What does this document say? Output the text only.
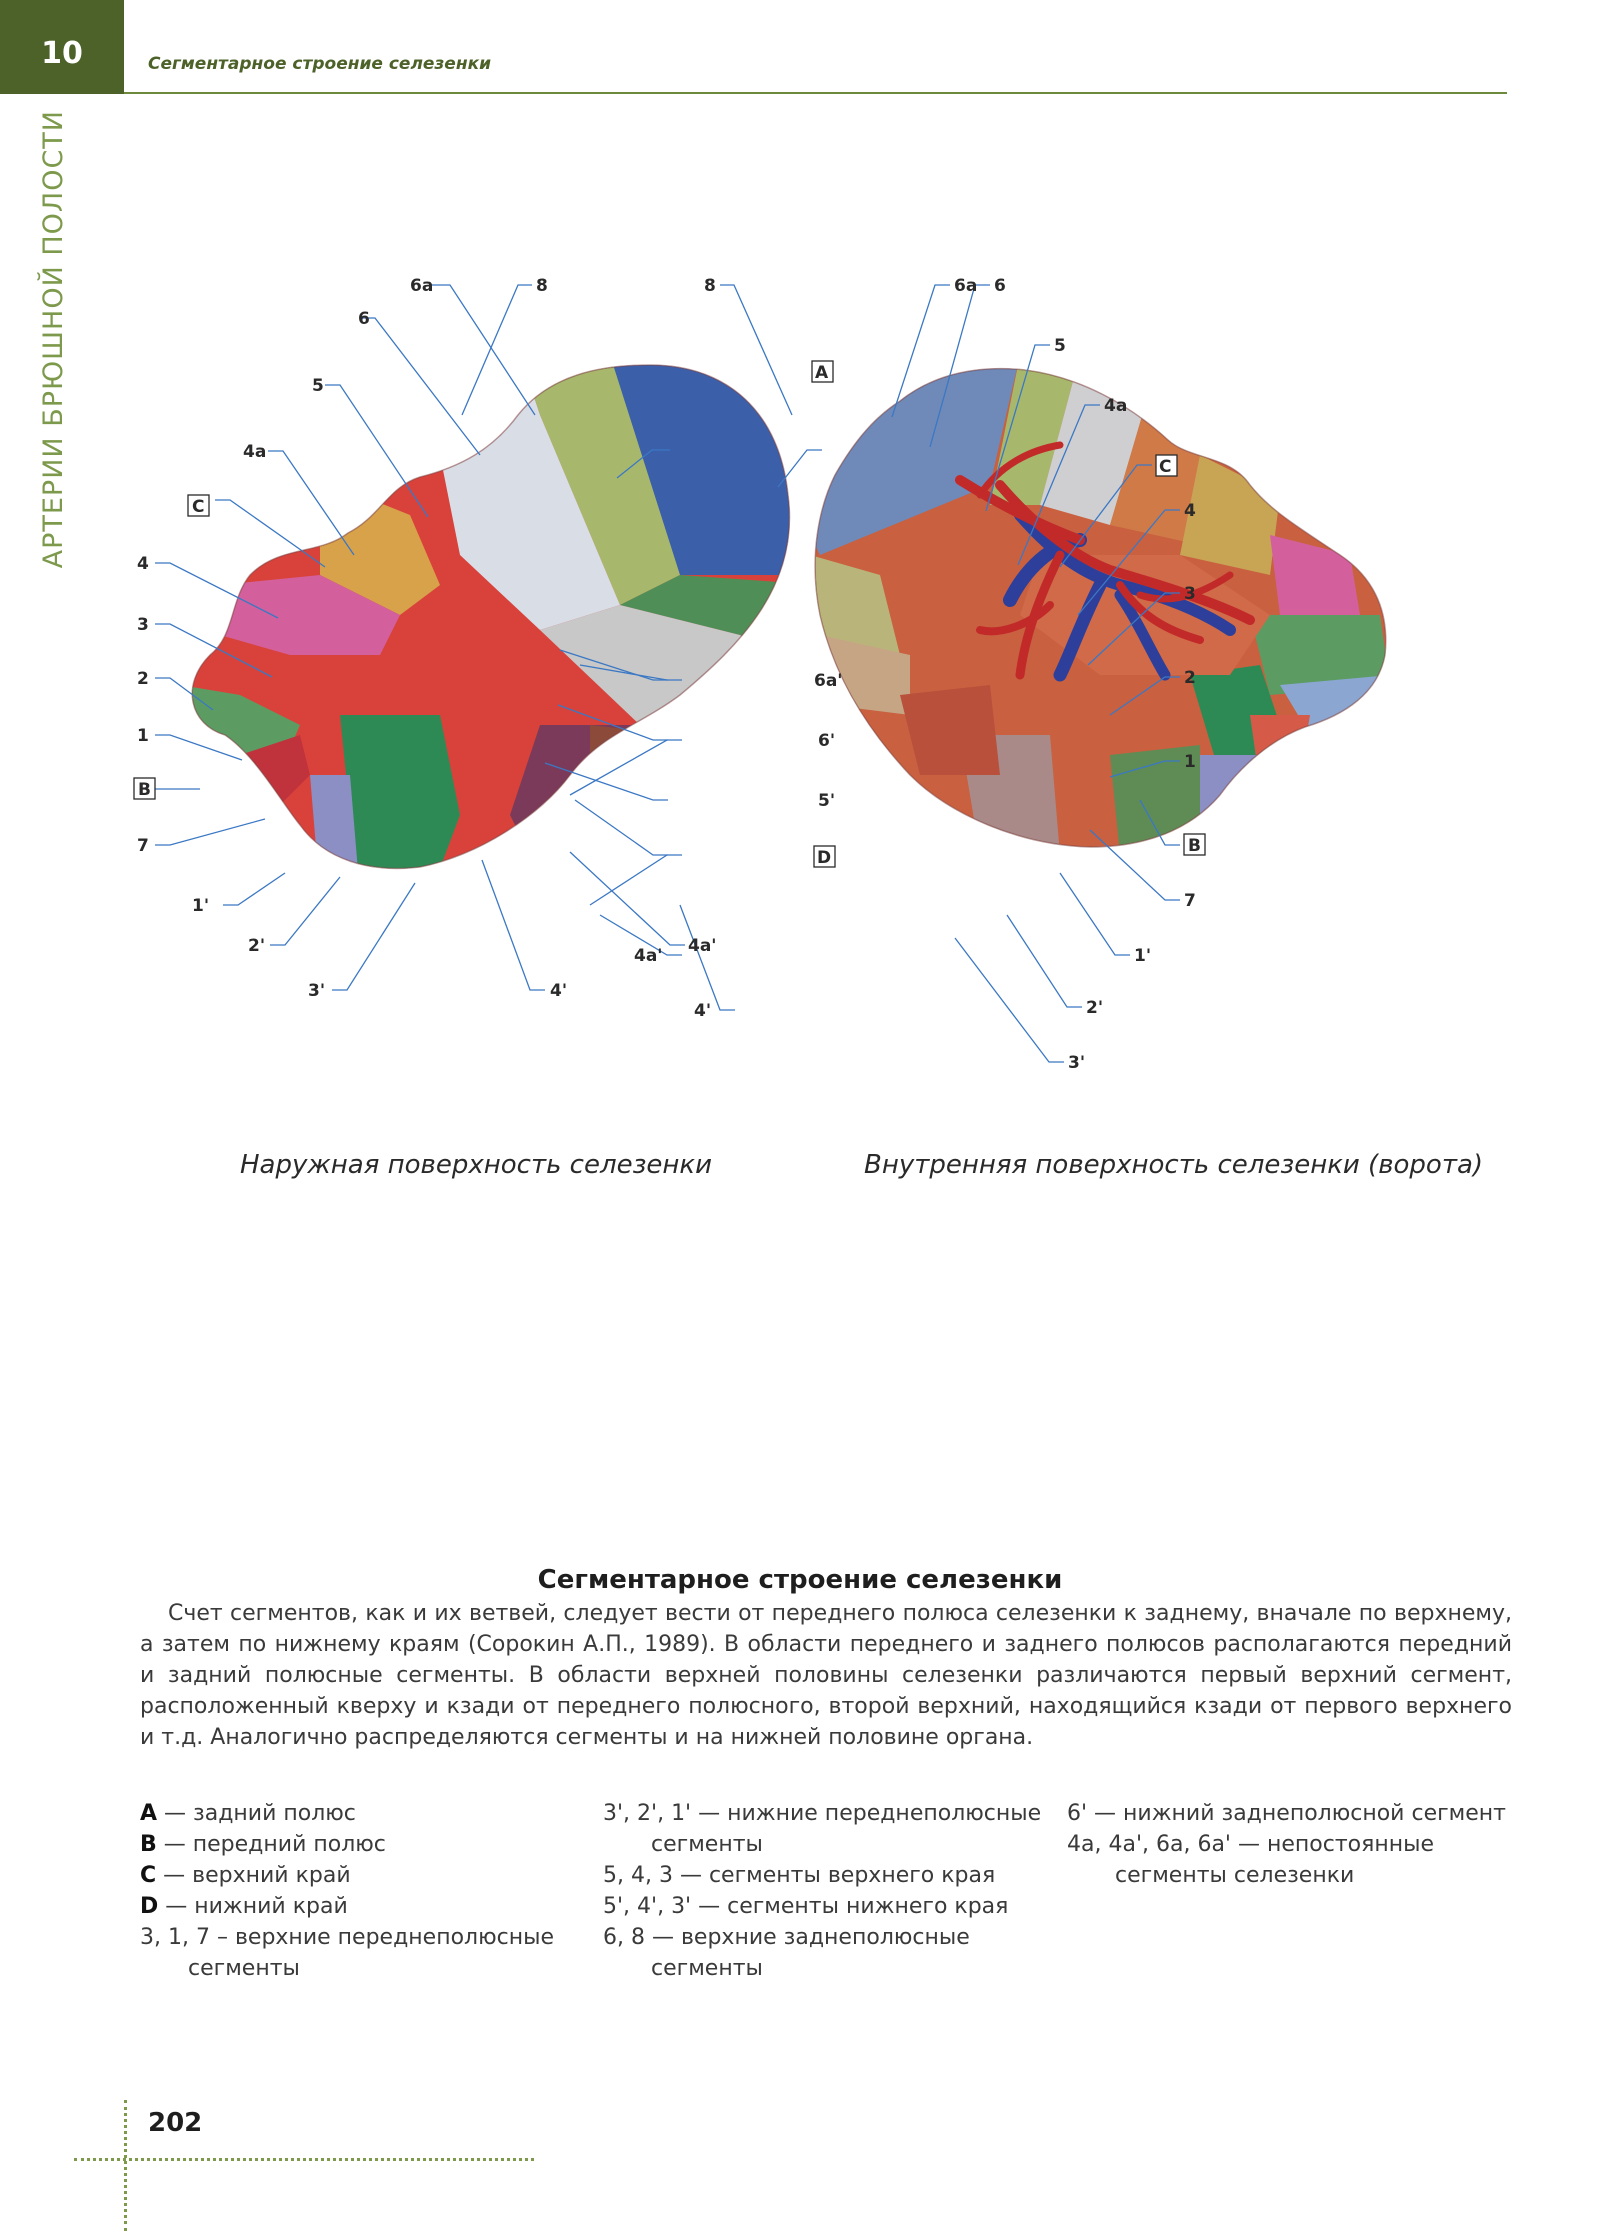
10	Сегментарное строение селезенки
АРТЕРИИ БРЮШНОЙ ПОЛОСТИ	6а	8
6
5
4а
C
4
3
2
1
B
7
1'
2'
3'	4'
4а'
D
5'
6'
6а'
A
8	6а 6
5
4а
C
4
3
2
1
B
7
1'
2'
3'
4'
4а'
Наружная поверхность селезенки	Внутренняя поверхность селезенки (ворота)
Сегментарное строение селезенки
Счет сегментов, как и их ветвей, следует вести от переднего полюса селезенки к заднему, вначале по верхнему, а затем по нижнему краям (Сорокин А.П., 1989). В области переднего и заднего полюсов располагаются передний и задний полюсные сегменты. В области верхней половины селезенки различаются первый верхний сегмент, расположенный кверху и кзади от переднего полюсного, второй верхний, находящийся кзади от первого верхнего и т.д. Аналогично распределяются сегменты и на нижней половине органа.
A — задний полюс
B — передний полюс
C — верхний край
D — нижний край
3, 1, 7 – верхние переднеполюсные сегменты
3', 2', 1' — нижние переднеполюсные сегменты
5, 4, 3 — сегменты верхнего края
5', 4', 3' — сегменты нижнего края
6, 8 — верхние заднеполюсные сегменты
6' — нижний заднеполюсной сегмент
4а, 4а', 6а, 6а' — непостоянные сегменты селезенки
202
